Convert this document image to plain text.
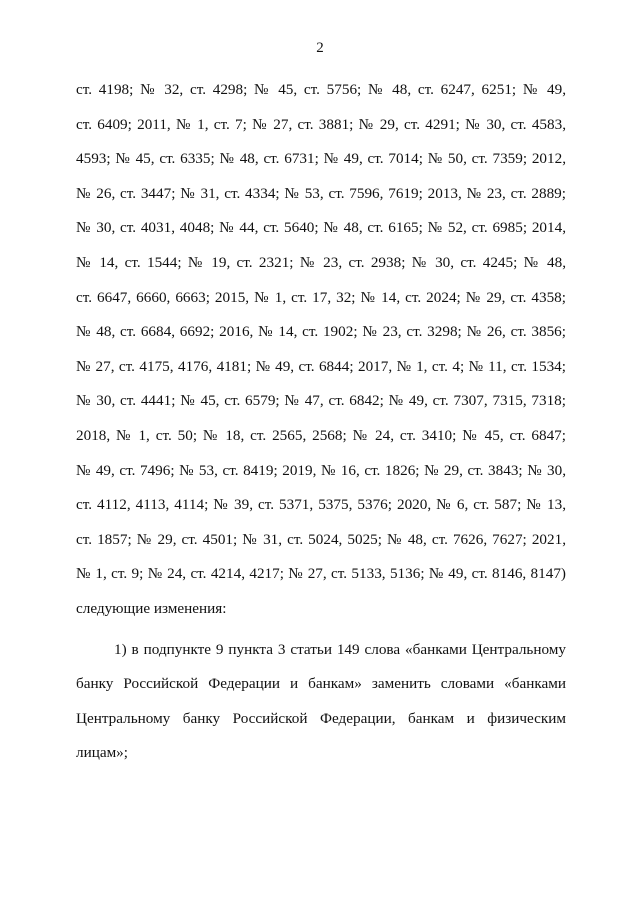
2
ст. 4198; № 32, ст. 4298; № 45, ст. 5756; № 48, ст. 6247, 6251; № 49,
ст. 6409; 2011, № 1, ст. 7; № 27, ст. 3881; № 29, ст. 4291; № 30, ст. 4583,
4593; № 45, ст. 6335; № 48, ст. 6731; № 49, ст. 7014; № 50, ст. 7359; 2012,
№ 26, ст. 3447; № 31, ст. 4334; № 53, ст. 7596, 7619; 2013, № 23, ст. 2889;
№ 30, ст. 4031, 4048; № 44, ст. 5640; № 48, ст. 6165; № 52, ст. 6985; 2014,
№ 14, ст. 1544; № 19, ст. 2321; № 23, ст. 2938; № 30, ст. 4245; № 48,
ст. 6647, 6660, 6663; 2015, № 1, ст. 17, 32; № 14, ст. 2024; № 29, ст. 4358;
№ 48, ст. 6684, 6692; 2016, № 14, ст. 1902; № 23, ст. 3298; № 26, ст. 3856;
№ 27, ст. 4175, 4176, 4181; № 49, ст. 6844; 2017, № 1, ст. 4; № 11, ст. 1534;
№ 30, ст. 4441; № 45, ст. 6579; № 47, ст. 6842; № 49, ст. 7307, 7315, 7318;
2018, № 1, ст. 50; № 18, ст. 2565, 2568; № 24, ст. 3410; № 45, ст. 6847;
№ 49, ст. 7496; № 53, ст. 8419; 2019, № 16, ст. 1826; № 29, ст. 3843; № 30,
ст. 4112, 4113, 4114; № 39, ст. 5371, 5375, 5376; 2020, № 6, ст. 587; № 13,
ст. 1857; № 29, ст. 4501; № 31, ст. 5024, 5025; № 48, ст. 7626, 7627; 2021,
№ 1, ст. 9; № 24, ст. 4214, 4217; № 27, ст. 5133, 5136; № 49, ст. 8146, 8147)
следующие изменения:
1) в подпункте 9 пункта 3 статьи 149 слова «банками Центральному
банку Российской Федерации и банкам» заменить словами «банками
Центральному банку Российской Федерации, банкам и физическим
лицам»;
